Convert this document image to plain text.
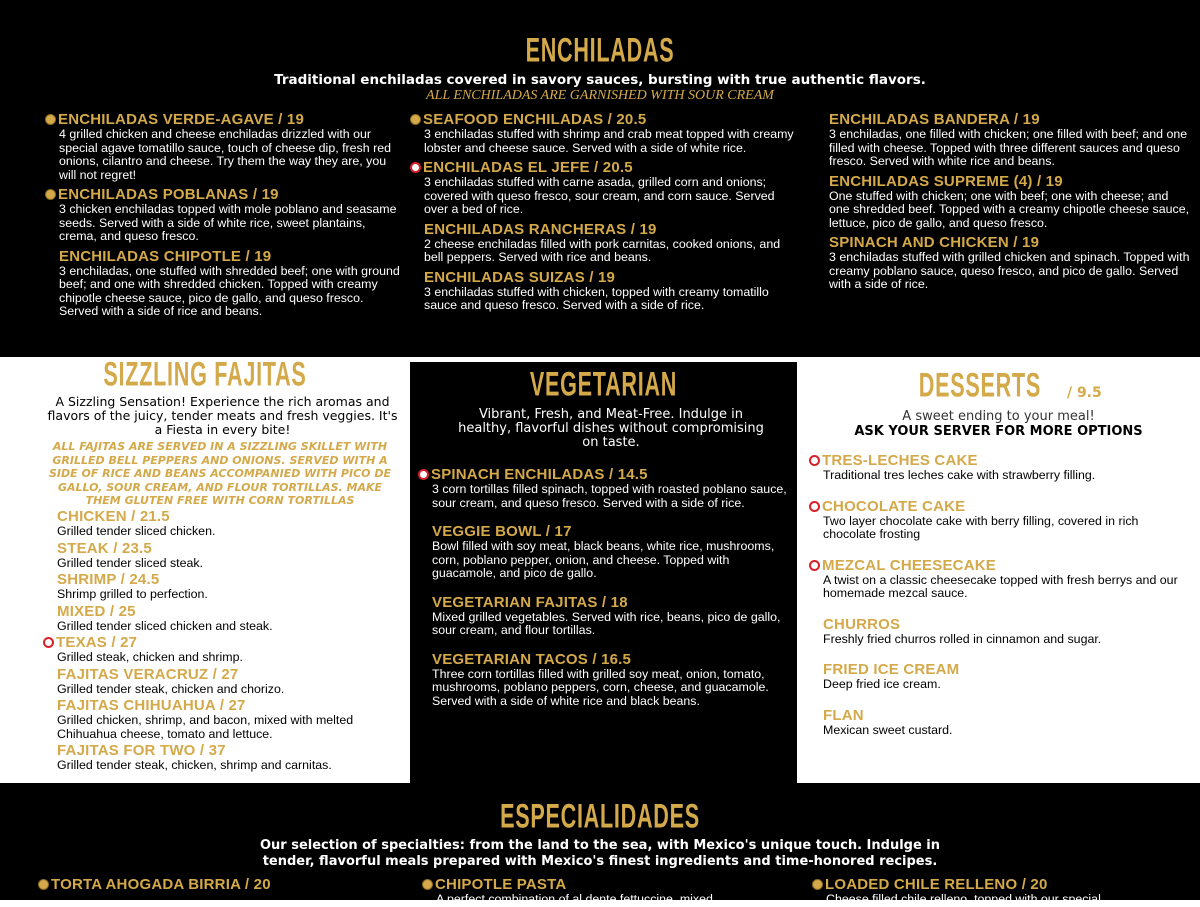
ENCHILADAS
Traditional enchiladas covered in savory sauces, bursting with true authentic flavors.
ALL ENCHILADAS ARE GARNISHED WITH SOUR CREAM
ENCHILADAS VERDE-AGAVE / 19
4 grilled chicken and cheese enchiladas drizzled with our special agave tomatillo sauce, touch of cheese dip, fresh red onions, cilantro and cheese. Try them the way they are, you will not regret!
ENCHILADAS POBLANAS / 19
3 chicken enchiladas topped with mole poblano and seasame seeds. Served with a side of white rice, sweet plantains, crema, and queso fresco.
ENCHILADAS CHIPOTLE / 19
3 enchiladas, one stuffed with shredded beef; one with ground beef; and one with shredded chicken. Topped with creamy chipotle cheese sauce, pico de gallo, and queso fresco. Served with a side of rice and beans.
SEAFOOD ENCHILADAS / 20.5
3 enchiladas stuffed with shrimp and crab meat topped with creamy lobster and cheese sauce. Served with a side of white rice.
ENCHILADAS EL JEFE / 20.5
3 enchiladas stuffed with carne asada, grilled corn and onions; covered with queso fresco, sour cream, and corn sauce. Served over a bed of rice.
ENCHILADAS RANCHERAS / 19
2 cheese enchiladas filled with pork carnitas, cooked onions, and bell peppers. Served with rice and beans.
ENCHILADAS SUIZAS / 19
3 enchiladas stuffed with chicken, topped with creamy tomatillo sauce and queso fresco. Served with a side of rice.
ENCHILADAS BANDERA / 19
3 enchiladas, one filled with chicken; one filled with beef; and one filled with cheese. Topped with three different sauces and queso fresco. Served with white rice and beans.
ENCHILADAS SUPREME (4) / 19
One stuffed with chicken; one with beef; one with cheese; and one shredded beef. Topped with a creamy chipotle cheese sauce, lettuce, pico de gallo, and queso fresco.
SPINACH AND CHICKEN / 19
3 enchiladas stuffed with grilled chicken and spinach. Topped with creamy poblano sauce, queso fresco, and pico de gallo. Served with a side of rice.
SIZZLING FAJITAS
A Sizzling Sensation! Experience the rich aromas and flavors of the juicy, tender meats and fresh veggies. It's a Fiesta in every bite!
ALL FAJITAS ARE SERVED IN A SIZZLING SKILLET WITH GRILLED BELL PEPPERS AND ONIONS. SERVED WITH A SIDE OF RICE AND BEANS ACCOMPANIED WITH PICO DE GALLO, SOUR CREAM, AND FLOUR TORTILLAS. MAKE THEM GLUTEN FREE WITH CORN TORTILLAS
CHICKEN / 21.5
Grilled tender sliced chicken.
STEAK / 23.5
Grilled tender sliced steak.
SHRIMP / 24.5
Shrimp grilled to perfection.
MIXED / 25
Grilled tender sliced chicken and steak.
TEXAS / 27
Grilled steak, chicken and shrimp.
FAJITAS VERACRUZ / 27
Grilled tender steak, chicken and chorizo.
FAJITAS CHIHUAHUA / 27
Grilled chicken, shrimp, and bacon, mixed with melted Chihuahua cheese, tomato and lettuce.
FAJITAS FOR TWO / 37
Grilled tender steak, chicken, shrimp and carnitas.
VEGETARIAN
Vibrant, Fresh, and Meat-Free. Indulge in healthy, flavorful dishes without compromising on taste.
SPINACH ENCHILADAS / 14.5
3 corn tortillas filled spinach, topped with roasted poblano sauce, sour cream, and queso fresco. Served with a side of rice.
VEGGIE BOWL / 17
Bowl filled with soy meat, black beans, white rice, mushrooms, corn, poblano pepper, onion, and cheese. Topped with guacamole, and pico de gallo.
VEGETARIAN FAJITAS / 18
Mixed grilled vegetables. Served with rice, beans, pico de gallo, sour cream, and flour tortillas.
VEGETARIAN TACOS / 16.5
Three corn tortillas filled with grilled soy meat, onion, tomato, mushrooms, poblano peppers, corn, cheese, and guacamole. Served with a side of white rice and black beans.
DESSERTS / 9.5
A sweet ending to your meal!
ASK YOUR SERVER FOR MORE OPTIONS
TRES-LECHES CAKE
Traditional tres leches cake with strawberry filling.
CHOCOLATE CAKE
Two layer chocolate cake with berry filling, covered in rich chocolate frosting
MEZCAL CHEESECAKE
A twist on a classic cheesecake topped with fresh berrys and our homemade mezcal sauce.
CHURROS
Freshly fried churros rolled in cinnamon and sugar.
FRIED ICE CREAM
Deep fried ice cream.
FLAN
Mexican sweet custard.
ESPECIALIDADES
Our selection of specialties: from the land to the sea, with Mexico's unique touch. Indulge in tender, flavorful meals prepared with Mexico's finest ingredients and time-honored recipes.
TORTA AHOGADA BIRRIA / 20	CHIPOTLE PASTA
A perfect combination of al dente fettuccine, mixed
LOADED CHILE RELLENO / 20
Cheese filled chile relleno, topped with our special
